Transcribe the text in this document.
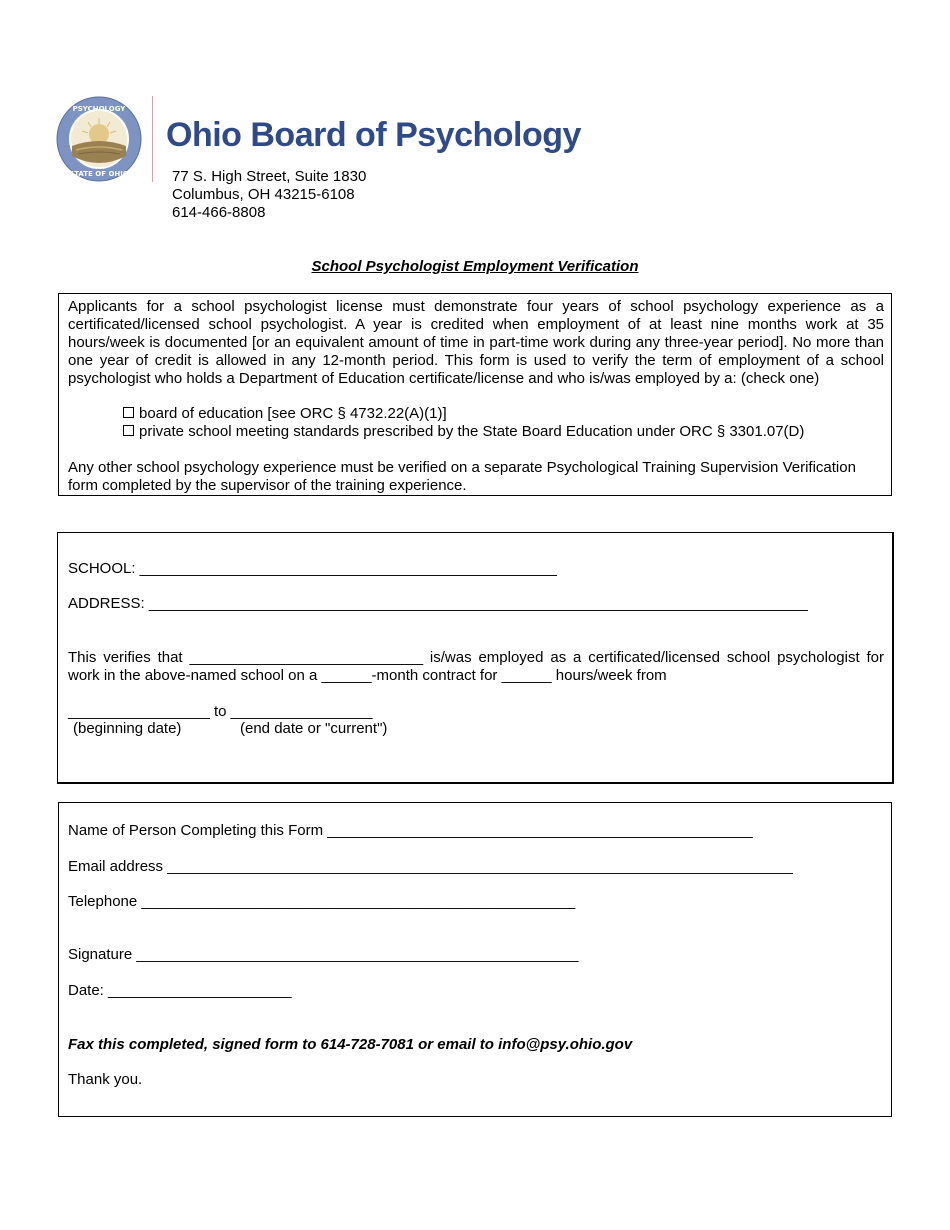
PSYCHOLOGY
STATE OF OHIO
Ohio Board of Psychology
77 S. High Street, Suite 1830
Columbus, OH 43215-6108
614-466-8808
School Psychologist Employment Verification

Applicants for a school psychologist license must demonstrate four years of school psychology experience as a certificated/licensed school psychologist. A year is credited when employment of at least nine months work at 35 hours/week is documented [or an equivalent amount of time in part-time work during any three-year period]. No more than one year of credit is allowed in any 12-month period. This form is used to verify the term of employment of a school psychologist who holds a Department of Education certificate/license and who is/was employed by a: (check one)

board of education [see ORC § 4732.22(A)(1)]
private school meeting standards prescribed by the State Board Education under ORC § 3301.07(D)

Any other school psychology experience must be verified on a separate Psychological Training Supervision Verification form completed by the supervisor of the training experience.

SCHOOL: __________________________________________________
ADDRESS: _______________________________________________________________________________

This verifies that ____________________________ is/was employed as a certificated/licensed school psychologist for work in the above-named school on a ______-month contract for ______ hours/week from

_________________ to _________________
(beginning date)	(end date or "current")
Name of Person Completing this Form ___________________________________________________
Email address ___________________________________________________________________________
Telephone ____________________________________________________
Signature _____________________________________________________
Date: ______________________
Fax this completed, signed form to 614-728-7081 or email to info@psy.ohio.gov
Thank you.
